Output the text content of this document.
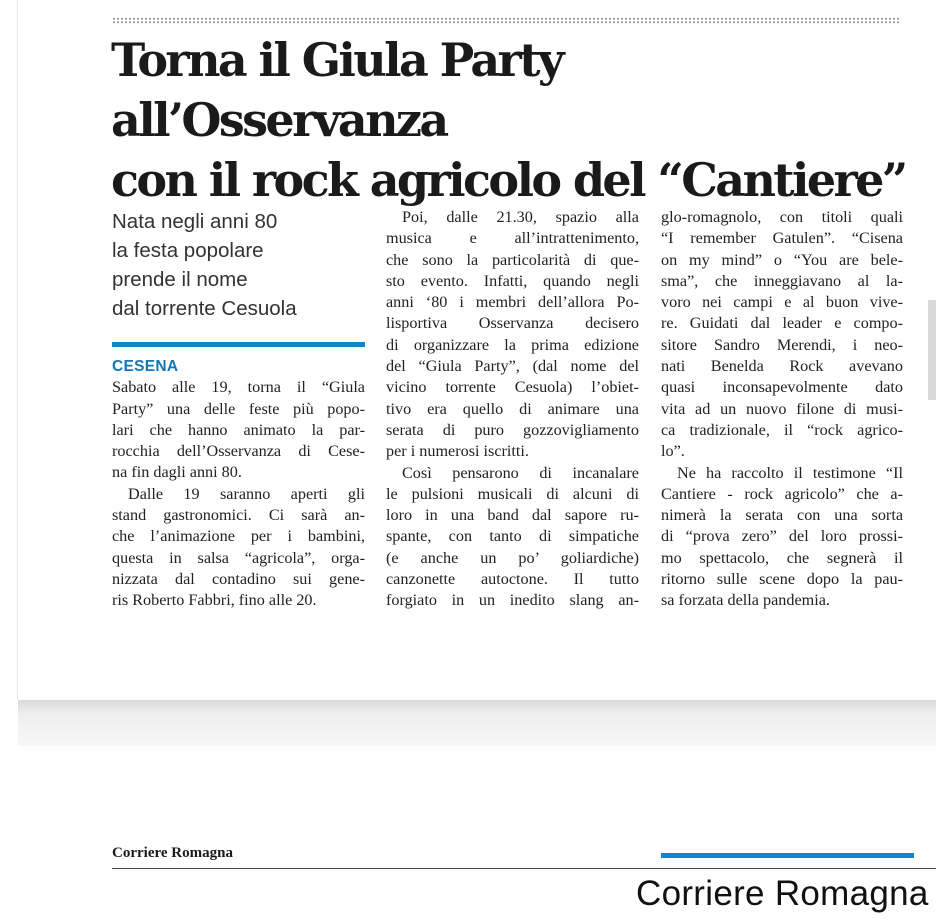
Torna il Giula Party all’Osservanza
con il rock agricolo del “Cantiere”
Nata negli anni 80
la festa popolare
prende il nome
dal torrente Cesuola
CESENA
Sabato alle 19, torna il “Giula
Party” una delle feste più popo-
lari che hanno animato la par-
rocchia dell’Osservanza di Cese-
na fin dagli anni 80.
Dalle 19 saranno aperti gli
stand gastronomici. Ci sarà an-
che l’animazione per i bambini,
questa in salsa “agricola”, orga-
nizzata dal contadino sui gene-
ris Roberto Fabbri, fino alle 20.
Poi, dalle 21.30, spazio alla
musica e all’intrattenimento,
che sono la particolarità di que-
sto evento. Infatti, quando negli
anni ‘80 i membri dell’allora Po-
lisportiva Osservanza decisero
di organizzare la prima edizione
del “Giula Party”, (dal nome del
vicino torrente Cesuola) l’obiet-
tivo era quello di animare una
serata di puro gozzovigliamento
per i numerosi iscritti.
Così pensarono di incanalare
le pulsioni musicali di alcuni di
loro in una band dal sapore ru-
spante, con tanto di simpatiche
(e anche un po’ goliardiche)
canzonette autoctone. Il tutto
forgiato in un inedito slang an-
glo-romagnolo, con titoli quali
“I remember Gatulen”. “Cisena
on my mind” o “You are bele-
sma”, che inneggiavano al la-
voro nei campi e al buon vive-
re. Guidati dal leader e compo-
sitore Sandro Merendi, i neo-
nati Benelda Rock avevano
quasi inconsapevolmente dato
vita ad un nuovo filone di musi-
ca tradizionale, il “rock agrico-
lo”.
Ne ha raccolto il testimone “Il
Cantiere - rock agricolo” che a-
nimerà la serata con una sorta
di “prova zero” del loro prossi-
mo spettacolo, che segnerà il
ritorno sulle scene dopo la pau-
sa forzata della pandemia.
Corriere Romagna
Corriere Romagna
